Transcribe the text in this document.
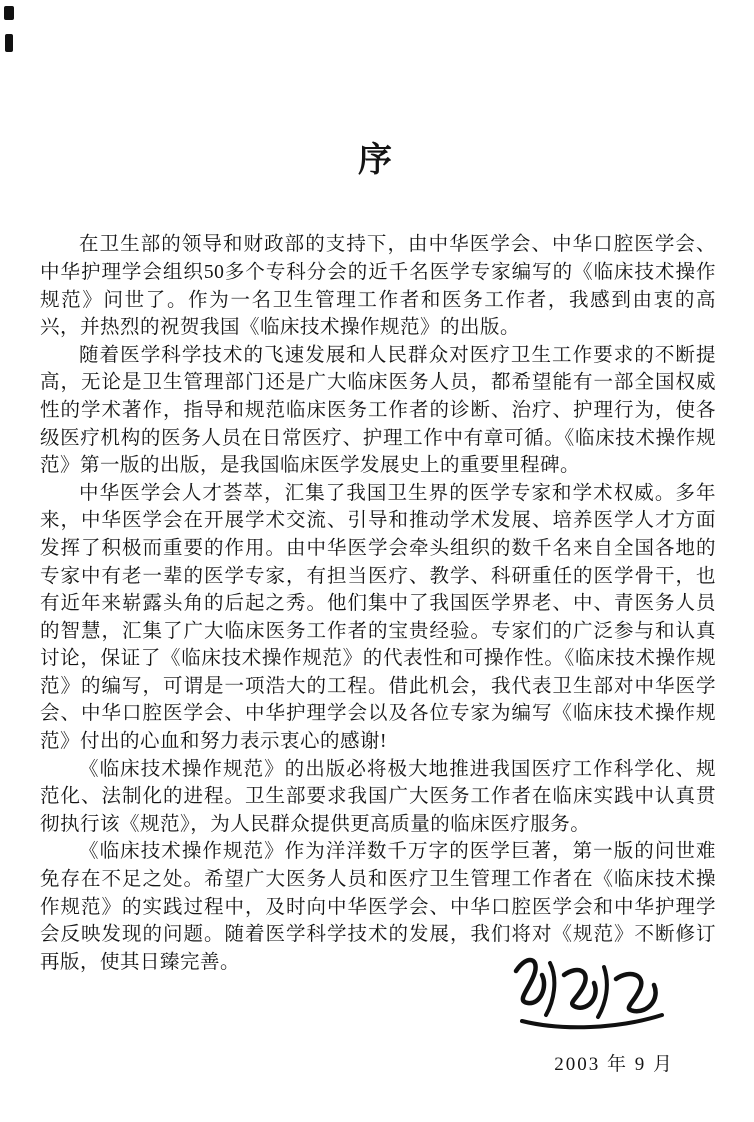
序

在卫生部的领导和财政部的支持下，由中华医学会、中华口腔医学会、中华护理学会组织50多个专科分会的近千名医学专家编写的《临床技术操作规范》问世了。作为一名卫生管理工作者和医务工作者，我感到由衷的高兴，并热烈的祝贺我国《临床技术操作规范》的出版。

随着医学科学技术的飞速发展和人民群众对医疗卫生工作要求的不断提高，无论是卫生管理部门还是广大临床医务人员，都希望能有一部全国权威性的学术著作，指导和规范临床医务工作者的诊断、治疗、护理行为，使各级医疗机构的医务人员在日常医疗、护理工作中有章可循。《临床技术操作规范》第一版的出版，是我国临床医学发展史上的重要里程碑。

中华医学会人才荟萃，汇集了我国卫生界的医学专家和学术权威。多年来，中华医学会在开展学术交流、引导和推动学术发展、培养医学人才方面发挥了积极而重要的作用。由中华医学会牵头组织的数千名来自全国各地的专家中有老一辈的医学专家，有担当医疗、教学、科研重任的医学骨干，也有近年来崭露头角的后起之秀。他们集中了我国医学界老、中、青医务人员的智慧，汇集了广大临床医务工作者的宝贵经验。专家们的广泛参与和认真讨论，保证了《临床技术操作规范》的代表性和可操作性。《临床技术操作规范》的编写，可谓是一项浩大的工程。借此机会，我代表卫生部对中华医学会、中华口腔医学会、中华护理学会以及各位专家为编写《临床技术操作规范》付出的心血和努力表示衷心的感谢!

《临床技术操作规范》的出版必将极大地推进我国医疗工作科学化、规范化、法制化的进程。卫生部要求我国广大医务工作者在临床实践中认真贯彻执行该《规范》，为人民群众提供更高质量的临床医疗服务。

《临床技术操作规范》作为洋洋数千万字的医学巨著，第一版的问世难免存在不足之处。希望广大医务人员和医疗卫生管理工作者在《临床技术操作规范》的实践过程中，及时向中华医学会、中华口腔医学会和中华护理学会反映发现的问题。随着医学科学技术的发展，我们将对《规范》不断修订再版，使其日臻完善。

2003 年 9 月
